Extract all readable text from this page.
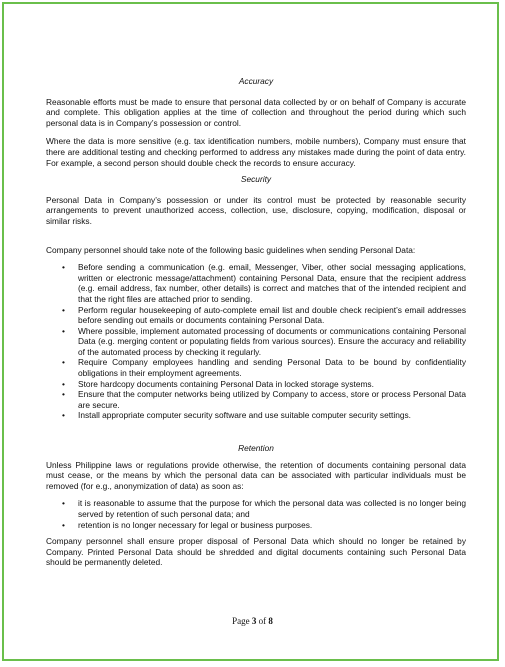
Accuracy

Reasonable efforts must be made to ensure that personal data collected by or on behalf of Company is accurate and complete. This obligation applies at the time of collection and throughout the period during which such personal data is in Company’s possession or control.

Where the data is more sensitive (e.g. tax identification numbers, mobile numbers), Company must ensure that there are additional testing and checking performed to address any mistakes made during the point of data entry. For example, a second person should double check the records to ensure accuracy.

Security

Personal Data in Company’s possession or under its control must be protected by reasonable security arrangements to prevent unauthorized access, collection, use, disclosure, copying, modification, disposal or similar risks.

Company personnel should take note of the following basic guidelines when sending Personal Data:

• Before sending a communication (e.g. email, Messenger, Viber, other social messaging applications, written or electronic message/attachment) containing Personal Data, ensure that the recipient address (e.g. email address, fax number, other details) is correct and matches that of the intended recipient and that the right files are attached prior to sending.
• Perform regular housekeeping of auto-complete email list and double check recipient’s email addresses before sending out emails or documents containing Personal Data.
• Where possible, implement automated processing of documents or communications containing Personal Data (e.g. merging content or populating fields from various sources). Ensure the accuracy and reliability of the automated process by checking it regularly.
• Require Company employees handling and sending Personal Data to be bound by confidentiality obligations in their employment agreements.
• Store hardcopy documents containing Personal Data in locked storage systems.
• Ensure that the computer networks being utilized by Company to access, store or process Personal Data are secure.
• Install appropriate computer security software and use suitable computer security settings.

Retention

Unless Philippine laws or regulations provide otherwise, the retention of documents containing personal data must cease, or the means by which the personal data can be associated with particular individuals must be removed (for e.g., anonymization of data) as soon as:

• it is reasonable to assume that the purpose for which the personal data was collected is no longer being served by retention of such personal data; and
• retention is no longer necessary for legal or business purposes.

Company personnel shall ensure proper disposal of Personal Data which should no longer be retained by Company. Printed Personal Data should be shredded and digital documents containing such Personal Data should be permanently deleted.

Page 3 of 8
